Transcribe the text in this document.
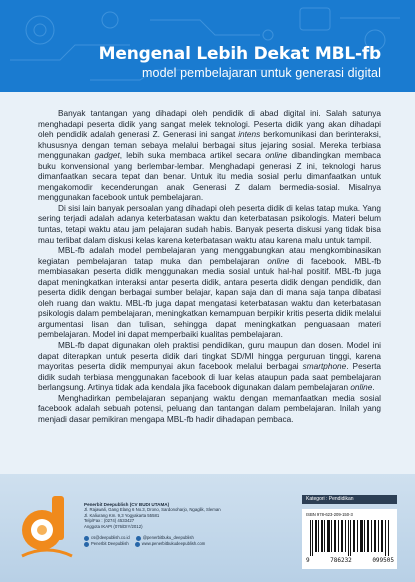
Mengenal Lebih Dekat MBL-fb
model pembelajaran untuk generasi digital

Banyak tantangan yang dihadapi oleh pendidik di abad digital ini. Salah satunya menghadapi peserta didik yang sangat melek teknologi. Peserta didik yang akan dihadapi oleh pendidik adalah generasi Z. Generasi ini sangat intens berkomunikasi dan berinteraksi, khususnya dengan teman sebaya melalui berbagai situs jejaring sosial. Mereka terbiasa menggunakan gadget, lebih suka membaca artikel secara online dibandingkan membaca buku konvensional yang berlembar-lembar. Menghadapi generasi Z ini, teknologi harus dimanfaatkan secara tepat dan benar. Untuk itu media sosial perlu dimanfaatkan untuk mengakomodir kecenderungan anak Generasi Z dalam bermedia-sosial. Misalnya menggunakan facebook untuk pembelajaran.

Di sisi lain banyak persoalan yang dihadapi oleh peserta didik di kelas tatap muka. Yang sering terjadi adalah adanya keterbatasan waktu dan keterbatasan psikologis. Materi belum tuntas, tetapi waktu atau jam pelajaran sudah habis. Banyak peserta diskusi yang tidak bisa mau terlibat dalam diskusi kelas karena keterbatasan waktu atau karena malu untuk tampil.

MBL-fb adalah model pembelajaran yang menggabungkan atau mengkombinasikan kegiatan pembelajaran tatap muka dan pembelajaran online di facebook. MBL-fb membiasakan peserta didik menggunakan media sosial untuk hal-hal positif. MBL-fb juga dapat meningkatkan interaksi antar peserta didik, antara peserta didik dengan pendidik, dan peserta didik dengan berbagai sumber belajar, kapan saja dan di mana saja tanpa dibatasi oleh ruang dan waktu. MBL-fb juga dapat mengatasi keterbatasan waktu dan keterbatasan psikologis dalam pembelajaran, meningkatkan kemampuan berpikir kritis peserta didik melalui argumentasi lisan dan tulisan, sehingga dapat meningkatkan penguasaan materi pembelajaran. Model ini dapat memperbaiki kualitas pembelajaran.

MBL-fb dapat digunakan oleh praktisi pendidikan, guru maupun dan dosen. Model ini dapat diterapkan untuk peserta didik dari tingkat SD/MI hingga perguruan tinggi, karena mayoritas peserta didik mempunyai akun facebook melalui berbagai smartphone. Peserta didik sudah terbiasa menggunakan facebook di luar kelas ataupun pada saat pembelajaran berlangsung. Artinya tidak ada kendala jika facebook digunakan dalam pembelajaran online.

Menghadirkan pembelajaran sepanjang waktu dengan memanfaatkan media sosial facebook adalah sebuah potensi, peluang dan tantangan dalam pembelajaran. Inilah yang menjadi dasar pemikiran mengapa MBL-fb hadir dihadapan pembaca.

Penerbit Deepublish (CV BUDI UTAMA)
Jl. Rajawali, Gang Elang 6 No.3, Drono, Sardonoharjo, Ngaglik, Sleman
Jl. Kaliurang Km. 9,3 Yogyakarta 55581
Telp/Fax : (0274) 4533427
Anggota IKAPI (076/DIY/2012)
cs@deepublish.co.id	@penerbitbuku_deepublish
Penerbit Deepublish	www.penerbitbukudeepublish.com
Kategori : Pendidikan
ISBN 978-623-209-150-3
9	786232	099505
